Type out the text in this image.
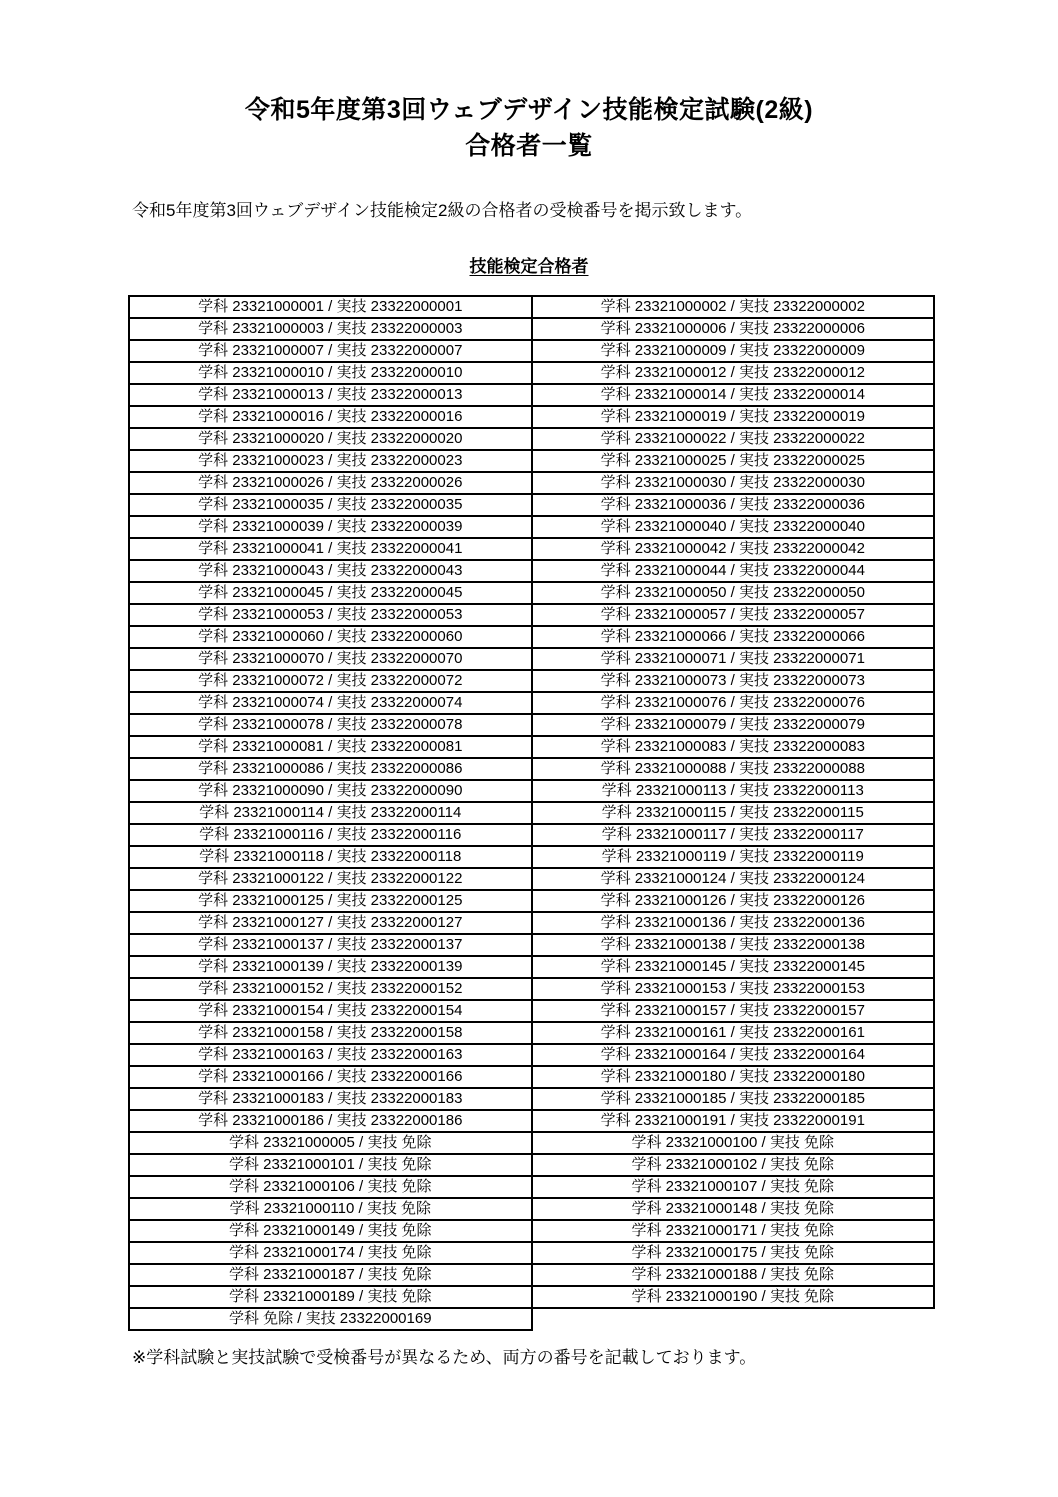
令和5年度第3回ウェブデザイン技能検定試験(2級)
合格者一覧

令和5年度第3回ウェブデザイン技能検定2級の合格者の受検番号を掲示致します。

技能検定合格者
学科 23321000001 / 実技 23322000001	学科 23321000002 / 実技 23322000002
学科 23321000003 / 実技 23322000003	学科 23321000006 / 実技 23322000006
学科 23321000007 / 実技 23322000007	学科 23321000009 / 実技 23322000009
学科 23321000010 / 実技 23322000010	学科 23321000012 / 実技 23322000012
学科 23321000013 / 実技 23322000013	学科 23321000014 / 実技 23322000014
学科 23321000016 / 実技 23322000016	学科 23321000019 / 実技 23322000019
学科 23321000020 / 実技 23322000020	学科 23321000022 / 実技 23322000022
学科 23321000023 / 実技 23322000023	学科 23321000025 / 実技 23322000025
学科 23321000026 / 実技 23322000026	学科 23321000030 / 実技 23322000030
学科 23321000035 / 実技 23322000035	学科 23321000036 / 実技 23322000036
学科 23321000039 / 実技 23322000039	学科 23321000040 / 実技 23322000040
学科 23321000041 / 実技 23322000041	学科 23321000042 / 実技 23322000042
学科 23321000043 / 実技 23322000043	学科 23321000044 / 実技 23322000044
学科 23321000045 / 実技 23322000045	学科 23321000050 / 実技 23322000050
学科 23321000053 / 実技 23322000053	学科 23321000057 / 実技 23322000057
学科 23321000060 / 実技 23322000060	学科 23321000066 / 実技 23322000066
学科 23321000070 / 実技 23322000070	学科 23321000071 / 実技 23322000071
学科 23321000072 / 実技 23322000072	学科 23321000073 / 実技 23322000073
学科 23321000074 / 実技 23322000074	学科 23321000076 / 実技 23322000076
学科 23321000078 / 実技 23322000078	学科 23321000079 / 実技 23322000079
学科 23321000081 / 実技 23322000081	学科 23321000083 / 実技 23322000083
学科 23321000086 / 実技 23322000086	学科 23321000088 / 実技 23322000088
学科 23321000090 / 実技 23322000090	学科 23321000113 / 実技 23322000113
学科 23321000114 / 実技 23322000114	学科 23321000115 / 実技 23322000115
学科 23321000116 / 実技 23322000116	学科 23321000117 / 実技 23322000117
学科 23321000118 / 実技 23322000118	学科 23321000119 / 実技 23322000119
学科 23321000122 / 実技 23322000122	学科 23321000124 / 実技 23322000124
学科 23321000125 / 実技 23322000125	学科 23321000126 / 実技 23322000126
学科 23321000127 / 実技 23322000127	学科 23321000136 / 実技 23322000136
学科 23321000137 / 実技 23322000137	学科 23321000138 / 実技 23322000138
学科 23321000139 / 実技 23322000139	学科 23321000145 / 実技 23322000145
学科 23321000152 / 実技 23322000152	学科 23321000153 / 実技 23322000153
学科 23321000154 / 実技 23322000154	学科 23321000157 / 実技 23322000157
学科 23321000158 / 実技 23322000158	学科 23321000161 / 実技 23322000161
学科 23321000163 / 実技 23322000163	学科 23321000164 / 実技 23322000164
学科 23321000166 / 実技 23322000166	学科 23321000180 / 実技 23322000180
学科 23321000183 / 実技 23322000183	学科 23321000185 / 実技 23322000185
学科 23321000186 / 実技 23322000186	学科 23321000191 / 実技 23322000191
学科 23321000005 / 実技 免除	学科 23321000100 / 実技 免除
学科 23321000101 / 実技 免除	学科 23321000102 / 実技 免除
学科 23321000106 / 実技 免除	学科 23321000107 / 実技 免除
学科 23321000110 / 実技 免除	学科 23321000148 / 実技 免除
学科 23321000149 / 実技 免除	学科 23321000171 / 実技 免除
学科 23321000174 / 実技 免除	学科 23321000175 / 実技 免除
学科 23321000187 / 実技 免除	学科 23321000188 / 実技 免除
学科 23321000189 / 実技 免除	学科 23321000190 / 実技 免除
学科 免除 / 実技 23322000169	

※学科試験と実技試験で受検番号が異なるため、両方の番号を記載しております。
